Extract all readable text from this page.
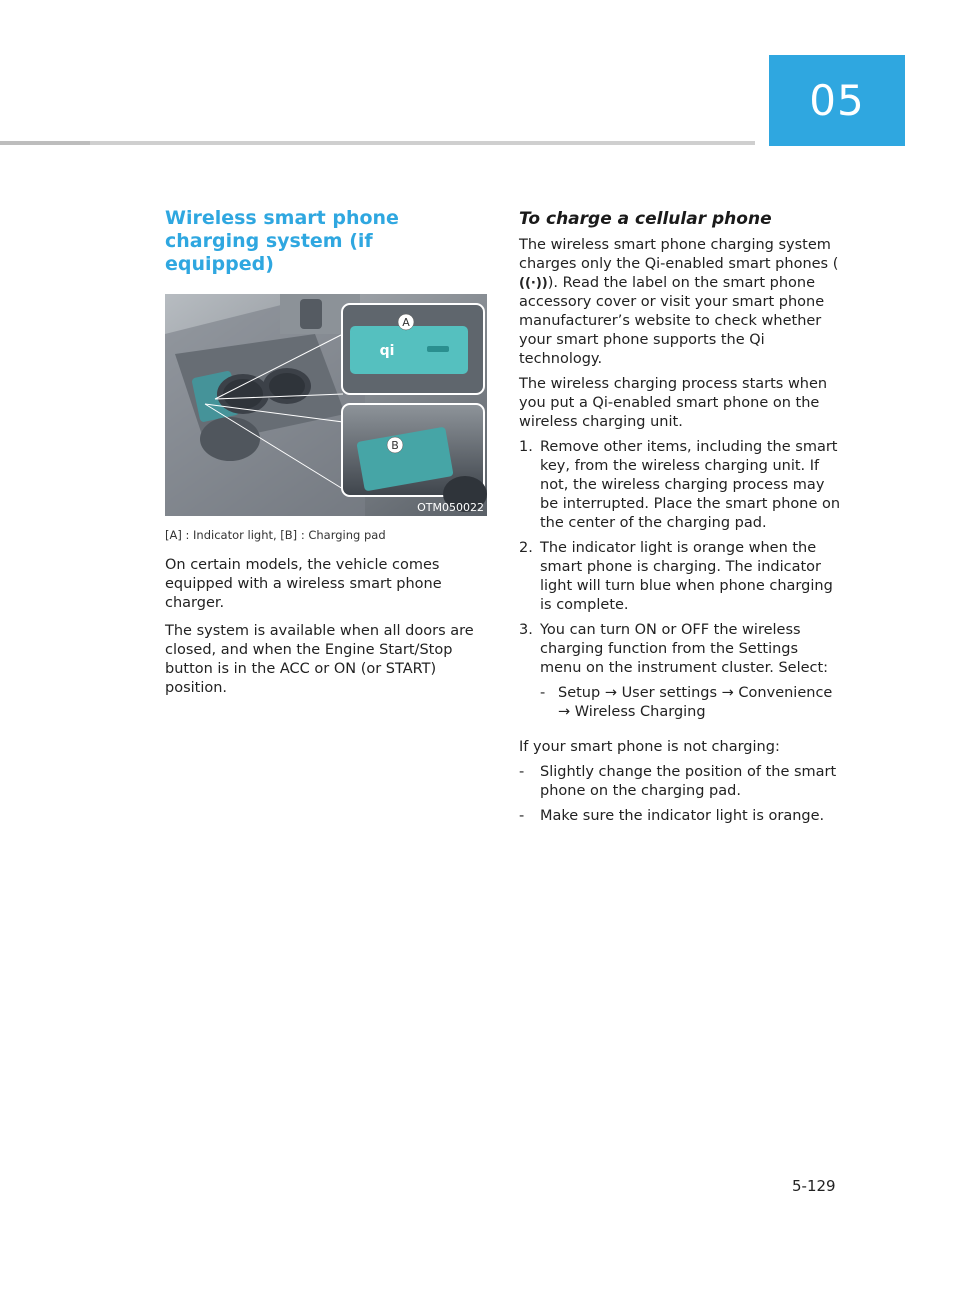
05
Wireless smart phone charging system (if equipped)
A
B
qi
OTM050022
[A] : Indicator light, [B] : Charging pad
On certain models, the vehicle comes equipped with a wireless smart phone charger.
The system is available when all doors are closed, and when the Engine Start/Stop button is in the ACC or ON (or START) position.
To charge a cellular phone
The wireless smart phone charging system charges only the Qi-enabled smart phones (((·))). Read the label on the smart phone accessory cover or visit your smart phone manufacturer’s website to check whether your smart phone supports the Qi technology.
The wireless charging process starts when you put a Qi-enabled smart phone on the wireless charging unit.
1. Remove other items, including the smart key, from the wireless charging unit. If not, the wireless charging process may be interrupted. Place the smart phone on the center of the charging pad.
2. The indicator light is orange when the smart phone is charging. The indicator light will turn blue when phone charging is complete.
3. You can turn ON or OFF the wireless charging function from the Settings menu on the instrument cluster. Select:
- Setup → User settings → Convenience → Wireless Charging
If your smart phone is not charging:
-	Slightly change the position of the smart phone on the charging pad.
-	Make sure the indicator light is orange.
5-129
